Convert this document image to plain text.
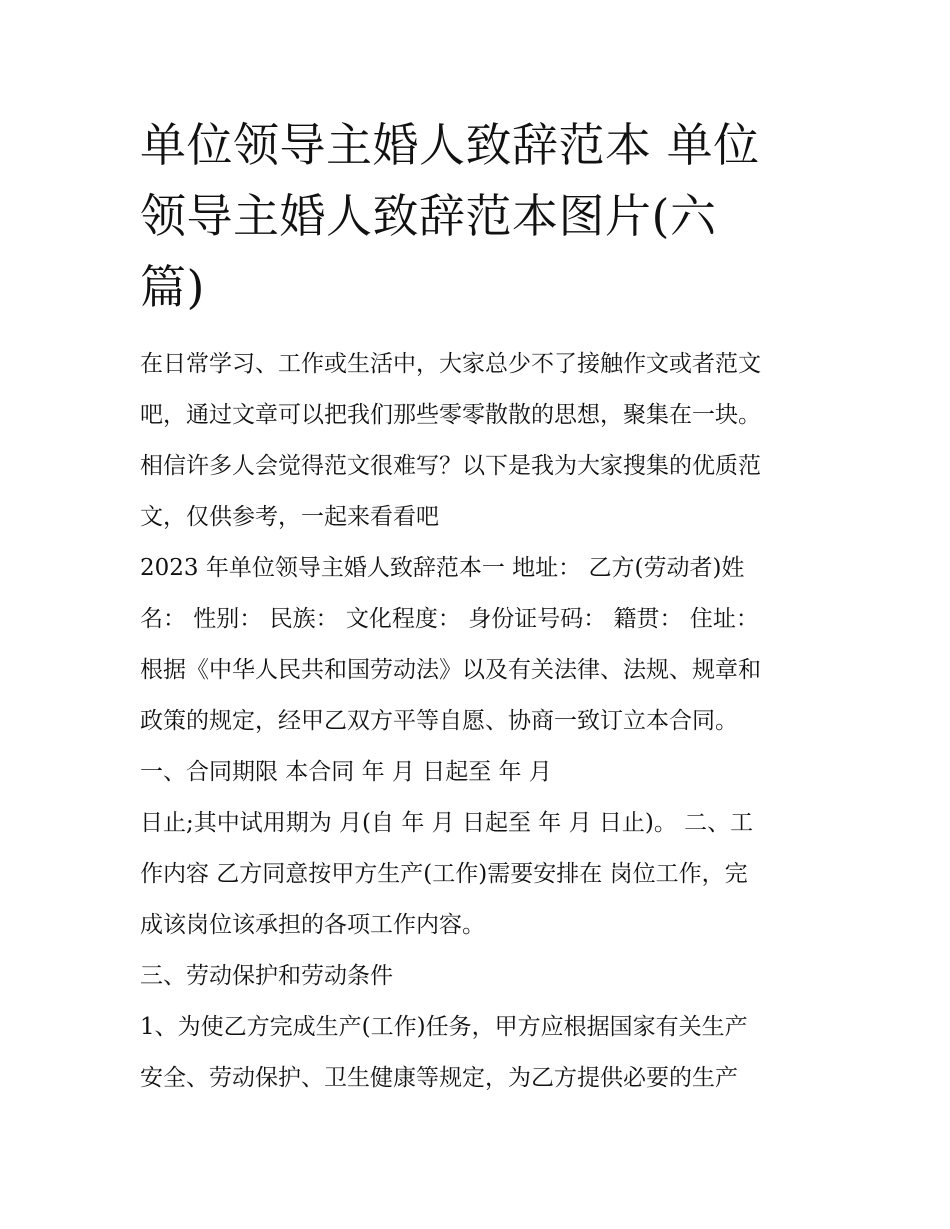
单位领导主婚人致辞范本 单位
领导主婚人致辞范本图片(六
篇)
在日常学习、工作或生活中，大家总少不了接触作文或者范文
吧，通过文章可以把我们那些零零散散的思想，聚集在一块。
相信许多人会觉得范文很难写？以下是我为大家搜集的优质范
文，仅供参考，一起来看看吧
2023 年单位领导主婚人致辞范本一 地址： 乙方(劳动者)姓
名： 性别： 民族： 文化程度： 身份证号码： 籍贯： 住址：
根据《中华人民共和国劳动法》以及有关法律、法规、规章和
政策的规定，经甲乙双方平等自愿、协商一致订立本合同。
一、合同期限 本合同 年 月 日起至 年 月
日止;其中试用期为 月(自 年 月 日起至 年 月 日止)。 二、工
作内容 乙方同意按甲方生产(工作)需要安排在 岗位工作，完
成该岗位该承担的各项工作内容。
三、劳动保护和劳动条件
1、为使乙方完成生产(工作)任务，甲方应根据国家有关生产
安全、劳动保护、卫生健康等规定，为乙方提供必要的生产
